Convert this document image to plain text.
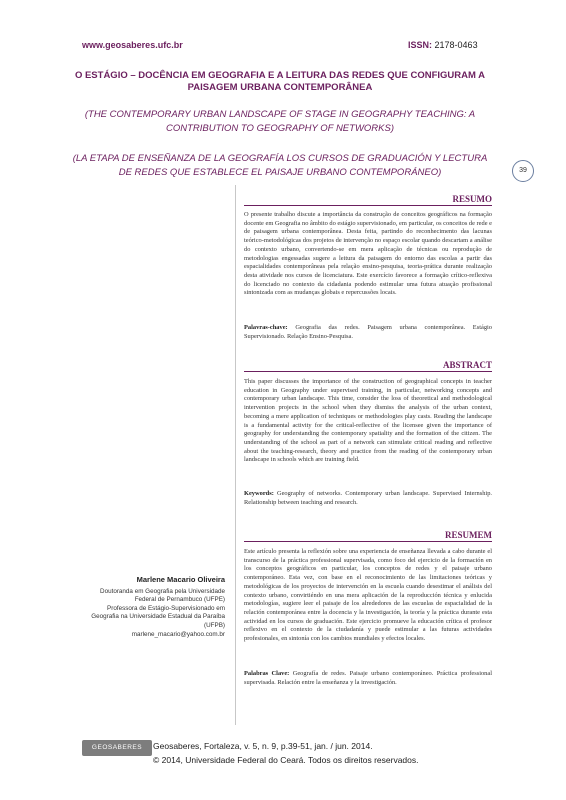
www.geosaberes.ufc.br	ISSN: 2178-0463
O ESTÁGIO – DOCÊNCIA EM GEOGRAFIA E A LEITURA DAS REDES QUE CONFIGURAM A PAISAGEM URBANA CONTEMPORÂNEA
(THE CONTEMPORARY URBAN LANDSCAPE OF STAGE IN GEOGRAPHY TEACHING: A CONTRIBUTION TO GEOGRAPHY OF NETWORKS)
(LA ETAPA DE ENSEÑANZA DE LA GEOGRAFÍA LOS CURSOS DE GRADUACIÓN Y LECTURA DE REDES QUE ESTABLECE EL PAISAJE URBANO CONTEMPORÁNEO)	39
RESUMO
O presente trabalho discute a importância da construção de conceitos geográficos na formação docente em Geografia no âmbito do estágio supervisionado, em particular, os conceitos de rede e de paisagem urbana contemporânea. Desta feita, partindo do reconhecimento das lacunas teórico-metodológicas dos projetos de intervenção no espaço escolar quando descartam a análise do contexto urbano, convertendo-se em mera aplicação de técnicas ou reprodução de metodologias engessadas sugere a leitura da paisagem do entorno das escolas a partir das espacialidades contemporâneas pela relação ensino-pesquisa, teoria-prática durante realização desta atividade nos cursos de licenciatura. Este exercício favorece a formação crítico-reflexiva do licenciado no contexto da cidadania podendo estimular uma futura atuação profissional sintonizada com as mudanças globais e repercussões locais.
Palavras-chave: Geografia das redes. Paisagem urbana contemporânea. Estágio Supervisionado. Relação Ensino-Pesquisa.
ABSTRACT
This paper discusses the importance of the construction of geographical concepts in teacher education in Geography under supervised training, in particular, networking concepts and contemporary urban landscape. This time, consider the loss of theoretical and methodological intervention projects in the school when they dismiss the analysis of the urban context, becoming a mere application of techniques or methodologies play casts. Reading the landscape is a fundamental activity for the critical-reflective of the licensee given the importance of geography for understanding the contemporary spatiality and the formation of the citizen. The understanding of the school as part of a network can stimulate critical reading and reflective about the teaching-research, theory and practice from the reading of the contemporary urban landscape in schools which are training field.
Keywords: Geography of networks. Contemporary urban landscape. Supervised Internship. Relationship between teaching and research.
RESUMEM
Este artículo presenta la reflexión sobre una experiencia de enseñanza llevada a cabo durante el transcurso de la práctica professional supervisada, como foco del ejercicio de la formación en los conceptos geográficos en particular, los conceptos de redes y el paisaje urbano contemporáneo. Esta vez, con base en el reconocimiento de las limitaciones teóricas y metodológicas de los proyectos de intervención en la escuela cuando desestimar el análisis del contexto urbano, convirtiéndo en una mera aplicación de la reproducción técnica y enlucida metodologías, sugiere leer el paisaje de los alrededores de las escuelas de espacialidad de la relación contemporánea entre la docencia y la investigación, la teoría y la práctica durante esta actividad en los cursos de graduación. Este ejercicio promueve la educación crítica el profesor reflexivo en el contexto de la ciudadanía y puede estimular a las futuras actividades profesionales, en sintonía con los cambios mundiales y efectos locales.
Palabras Clave: Geografía de redes. Paisaje urbano contemporáneo. Práctica professional supervisada. Relación entre la enseñanza y la investigación.
Marlene Macario Oliveira
Doutoranda em Geografia pela Universidade Federal de Pernambuco (UFPE)
Professora de Estágio-Supervisionado em Geografia na Universidade Estadual da Paraíba (UFPB)
marlene_macario@yahoo.com.br
GEOSABERES	Geosaberes, Fortaleza, v. 5, n. 9, p.39-51, jan. / jun. 2014.
© 2014, Universidade Federal do Ceará. Todos os direitos reservados.
